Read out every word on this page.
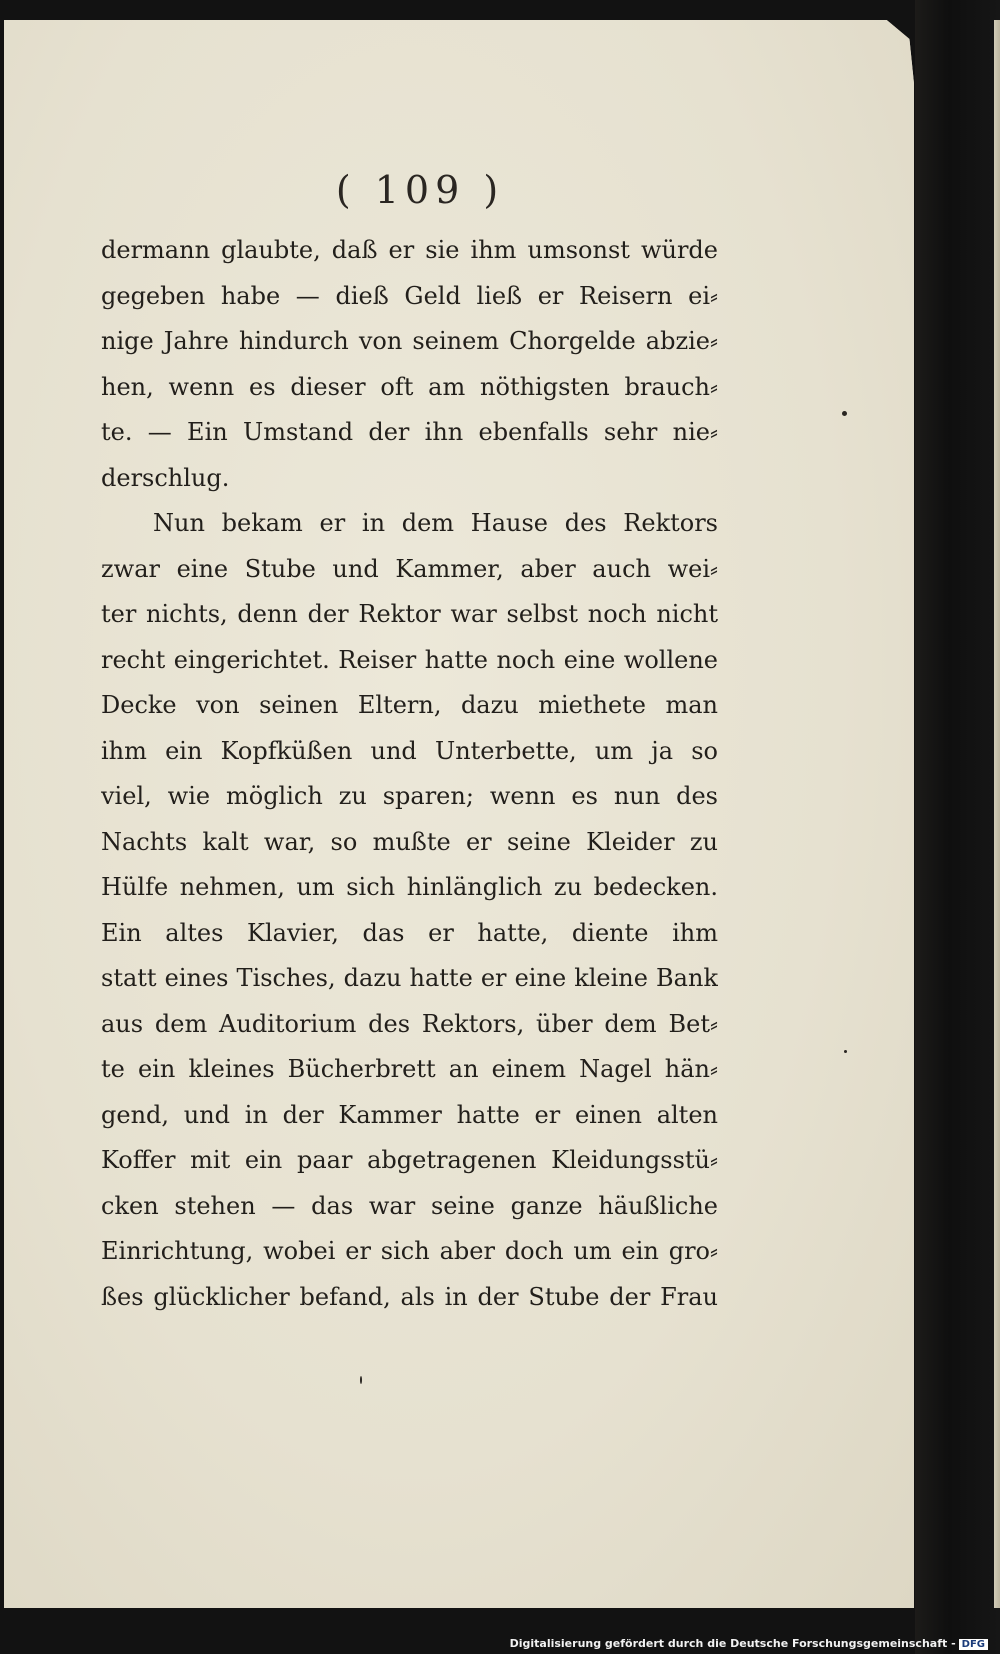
( 109 )
dermann glaubte, daß er sie ihm umsonst würde
gegeben habe — dieß Geld ließ er Reisern ei⸗
nige Jahre hindurch von seinem Chorgelde abzie⸗
hen, wenn es dieser oft am nöthigsten brauch⸗
te. — Ein Umstand der ihn ebenfalls sehr nie⸗
derschlug.
Nun bekam er in dem Hause des Rektors
zwar eine Stube und Kammer, aber auch wei⸗
ter nichts, denn der Rektor war selbst noch nicht
recht eingerichtet. Reiser hatte noch eine wollene
Decke von seinen Eltern, dazu miethete man
ihm ein Kopfküßen und Unterbette, um ja so
viel, wie möglich zu sparen; wenn es nun des
Nachts kalt war, so mußte er seine Kleider zu
Hülfe nehmen, um sich hinlänglich zu bedecken.
Ein altes Klavier, das er hatte, diente ihm
statt eines Tisches, dazu hatte er eine kleine Bank
aus dem Auditorium des Rektors, über dem Bet⸗
te ein kleines Bücherbrett an einem Nagel hän⸗
gend, und in der Kammer hatte er einen alten
Koffer mit ein paar abgetragenen Kleidungsstü⸗
cken stehen — das war seine ganze häußliche
Einrichtung, wobei er sich aber doch um ein gro⸗
ßes glücklicher befand, als in der Stube der Frau
Digitalisierung gefördert durch die Deutsche Forschungsgemeinschaft - DFG
